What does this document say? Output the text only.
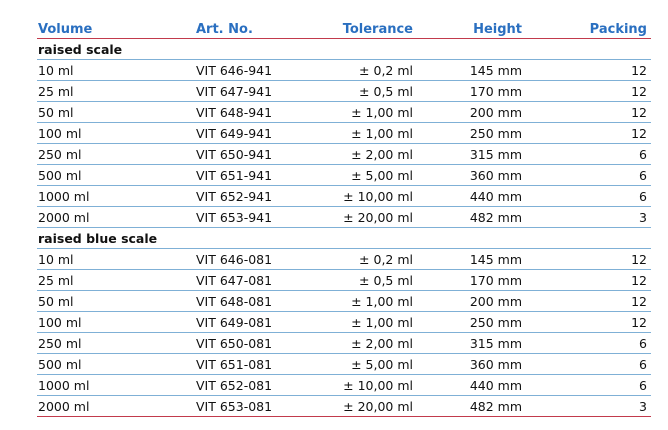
Volume	Art. No.	Tolerance	Height	Packing
raised scale				
10 ml	VIT 646-941	± 0,2 ml	145 mm	12
25 ml	VIT 647-941	± 0,5 ml	170 mm	12
50 ml	VIT 648-941	± 1,00 ml	200 mm	12
100 ml	VIT 649-941	± 1,00 ml	250 mm	12
250 ml	VIT 650-941	± 2,00 ml	315 mm	6
500 ml	VIT 651-941	± 5,00 ml	360 mm	6
1000 ml	VIT 652-941	± 10,00 ml	440 mm	6
2000 ml	VIT 653-941	± 20,00 ml	482 mm	3
raised blue scale				
10 ml	VIT 646-081	± 0,2 ml	145 mm	12
25 ml	VIT 647-081	± 0,5 ml	170 mm	12
50 ml	VIT 648-081	± 1,00 ml	200 mm	12
100 ml	VIT 649-081	± 1,00 ml	250 mm	12
250 ml	VIT 650-081	± 2,00 ml	315 mm	6
500 ml	VIT 651-081	± 5,00 ml	360 mm	6
1000 ml	VIT 652-081	± 10,00 ml	440 mm	6
2000 ml	VIT 653-081	± 20,00 ml	482 mm	3
